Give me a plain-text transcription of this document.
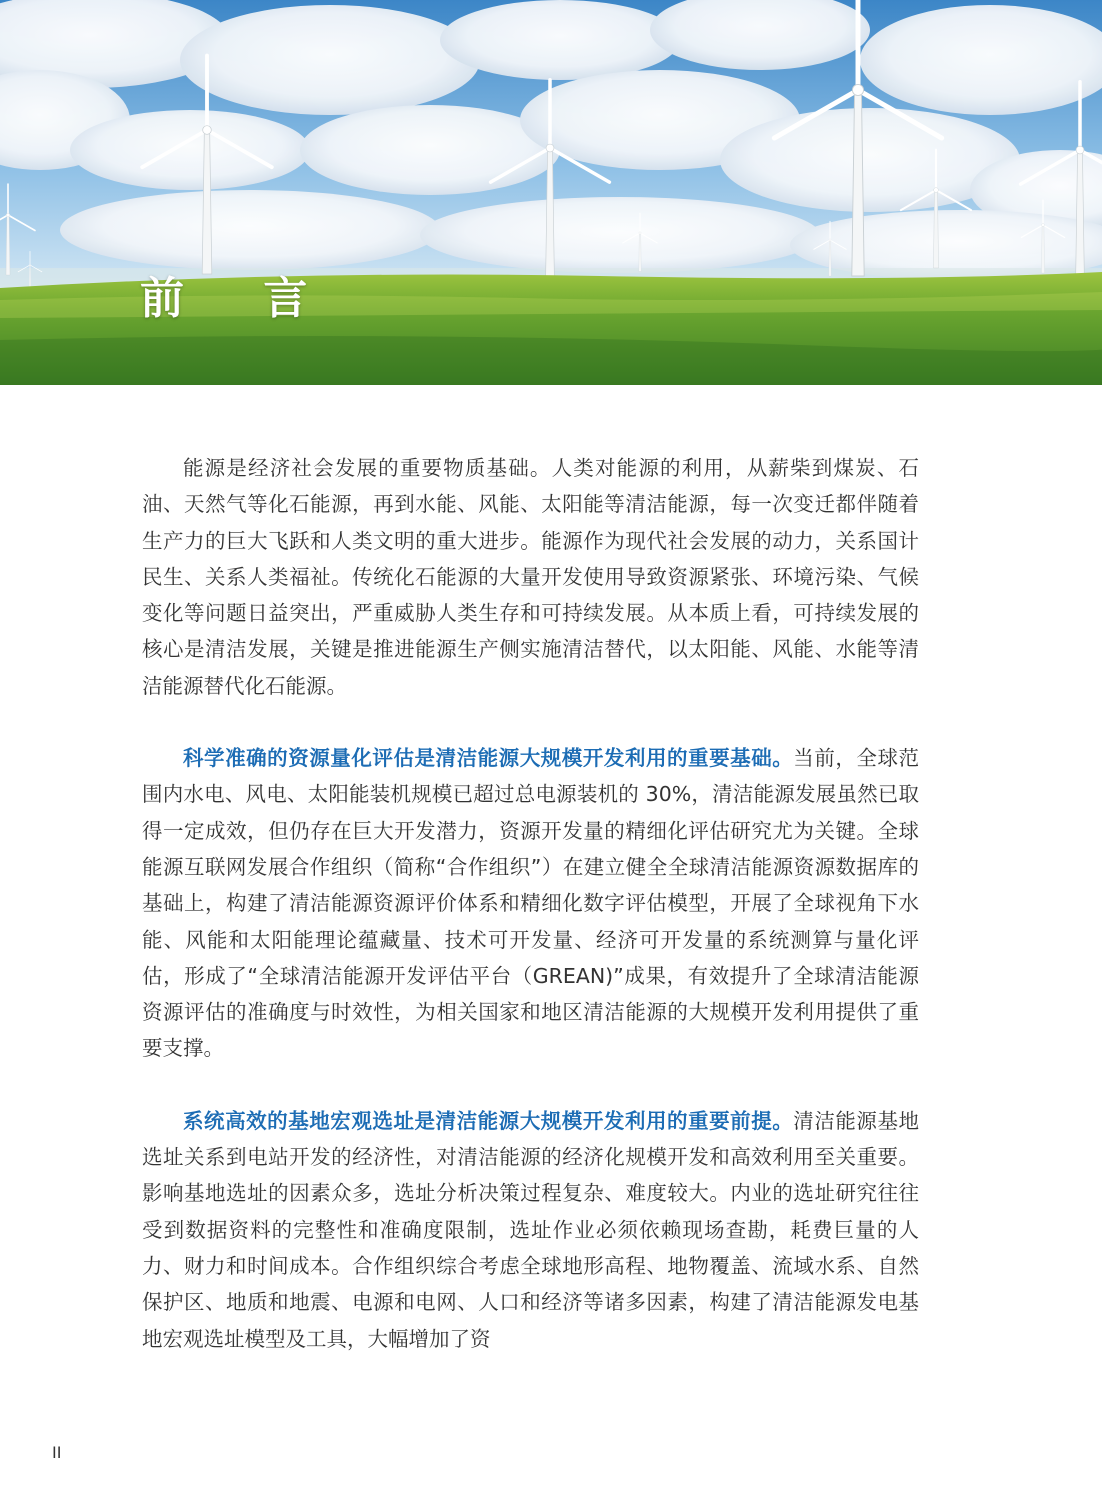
前 言

能源是经济社会发展的重要物质基础。人类对能源的利用，从薪柴到煤炭、石油、天然气等化石能源，再到水能、风能、太阳能等清洁能源，每一次变迁都伴随着生产力的巨大飞跃和人类文明的重大进步。能源作为现代社会发展的动力，关系国计民生、关系人类福祉。传统化石能源的大量开发使用导致资源紧张、环境污染、气候变化等问题日益突出，严重威胁人类生存和可持续发展。从本质上看，可持续发展的核心是清洁发展，关键是推进能源生产侧实施清洁替代，以太阳能、风能、水能等清洁能源替代化石能源。

科学准确的资源量化评估是清洁能源大规模开发利用的重要基础。当前，全球范围内水电、风电、太阳能装机规模已超过总电源装机的 30%，清洁能源发展虽然已取得一定成效，但仍存在巨大开发潜力，资源开发量的精细化评估研究尤为关键。全球能源互联网发展合作组织（简称“合作组织”）在建立健全全球清洁能源资源数据库的基础上，构建了清洁能源资源评价体系和精细化数字评估模型，开展了全球视角下水能、风能和太阳能理论蕴藏量、技术可开发量、经济可开发量的系统测算与量化评估，形成了“全球清洁能源开发评估平台（GREAN)”成果，有效提升了全球清洁能源资源评估的准确度与时效性，为相关国家和地区清洁能源的大规模开发利用提供了重要支撑。

系统高效的基地宏观选址是清洁能源大规模开发利用的重要前提。清洁能源基地选址关系到电站开发的经济性，对清洁能源的经济化规模开发和高效利用至关重要。影响基地选址的因素众多，选址分析决策过程复杂、难度较大。内业的选址研究往往受到数据资料的完整性和准确度限制，选址作业必须依赖现场查勘，耗费巨量的人力、财力和时间成本。合作组织综合考虑全球地形高程、地物覆盖、流域水系、自然保护区、地质和地震、电源和电网、人口和经济等诸多因素，构建了清洁能源发电基地宏观选址模型及工具，大幅增加了资

II
